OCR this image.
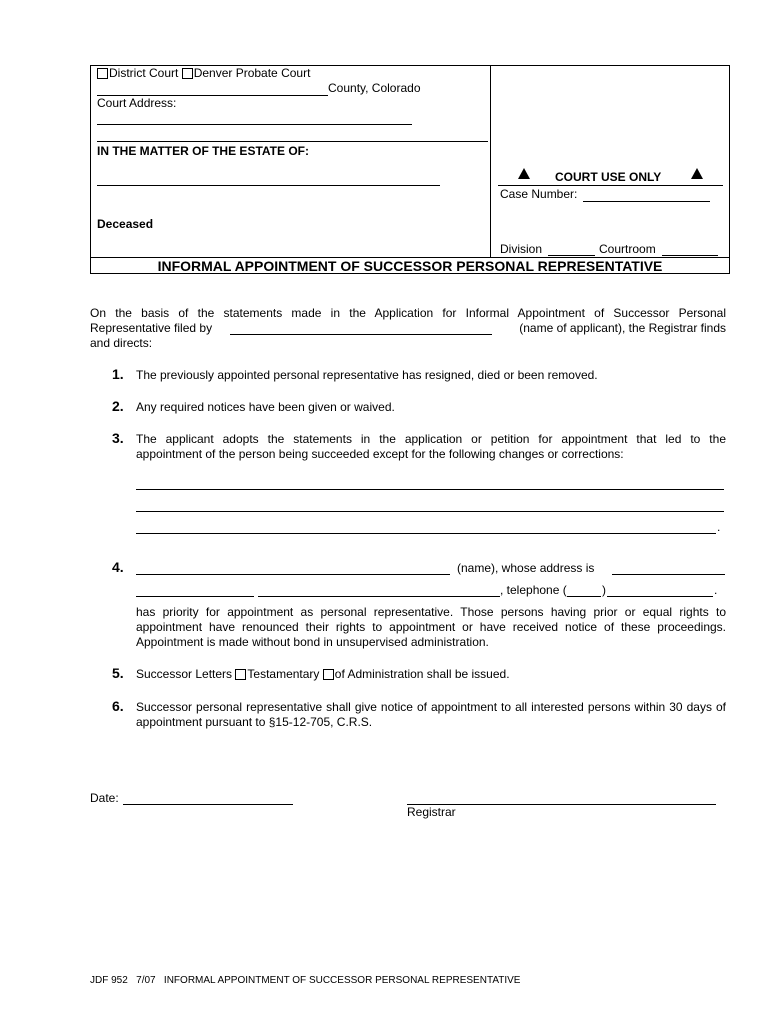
District Court Denver Probate Court
County, Colorado
Court Address:
IN THE MATTER OF THE ESTATE OF:
Deceased
COURT USE ONLY
Case Number:
Division	Courtroom
INFORMAL APPOINTMENT OF SUCCESSOR PERSONAL REPRESENTATIVE
On the basis of the statements made in the Application for Informal Appointment of Successor Personal
Representative filed by	(name of applicant), the Registrar finds
and directs:
1. The previously appointed personal representative has resigned, died or been removed.
2. Any required notices have been given or waived.
3. The applicant adopts the statements in the application or petition for appointment that led to the
appointment of the person being succeeded except for the following changes or corrections:
.
4.	(name), whose address is
, telephone (	)	.
has priority for appointment as personal representative. Those persons having prior or equal rights to appointment have renounced their rights to appointment or have received notice of these proceedings. Appointment is made without bond in unsupervised administration.
5. Successor Letters Testamentary of Administration shall be issued.
6. Successor personal representative shall give notice of appointment to all interested persons within 30 days of appointment pursuant to §15-12-705, C.R.S.
Date:
Registrar
JDF 952   7/07   INFORMAL APPOINTMENT OF SUCCESSOR PERSONAL REPRESENTATIVE
